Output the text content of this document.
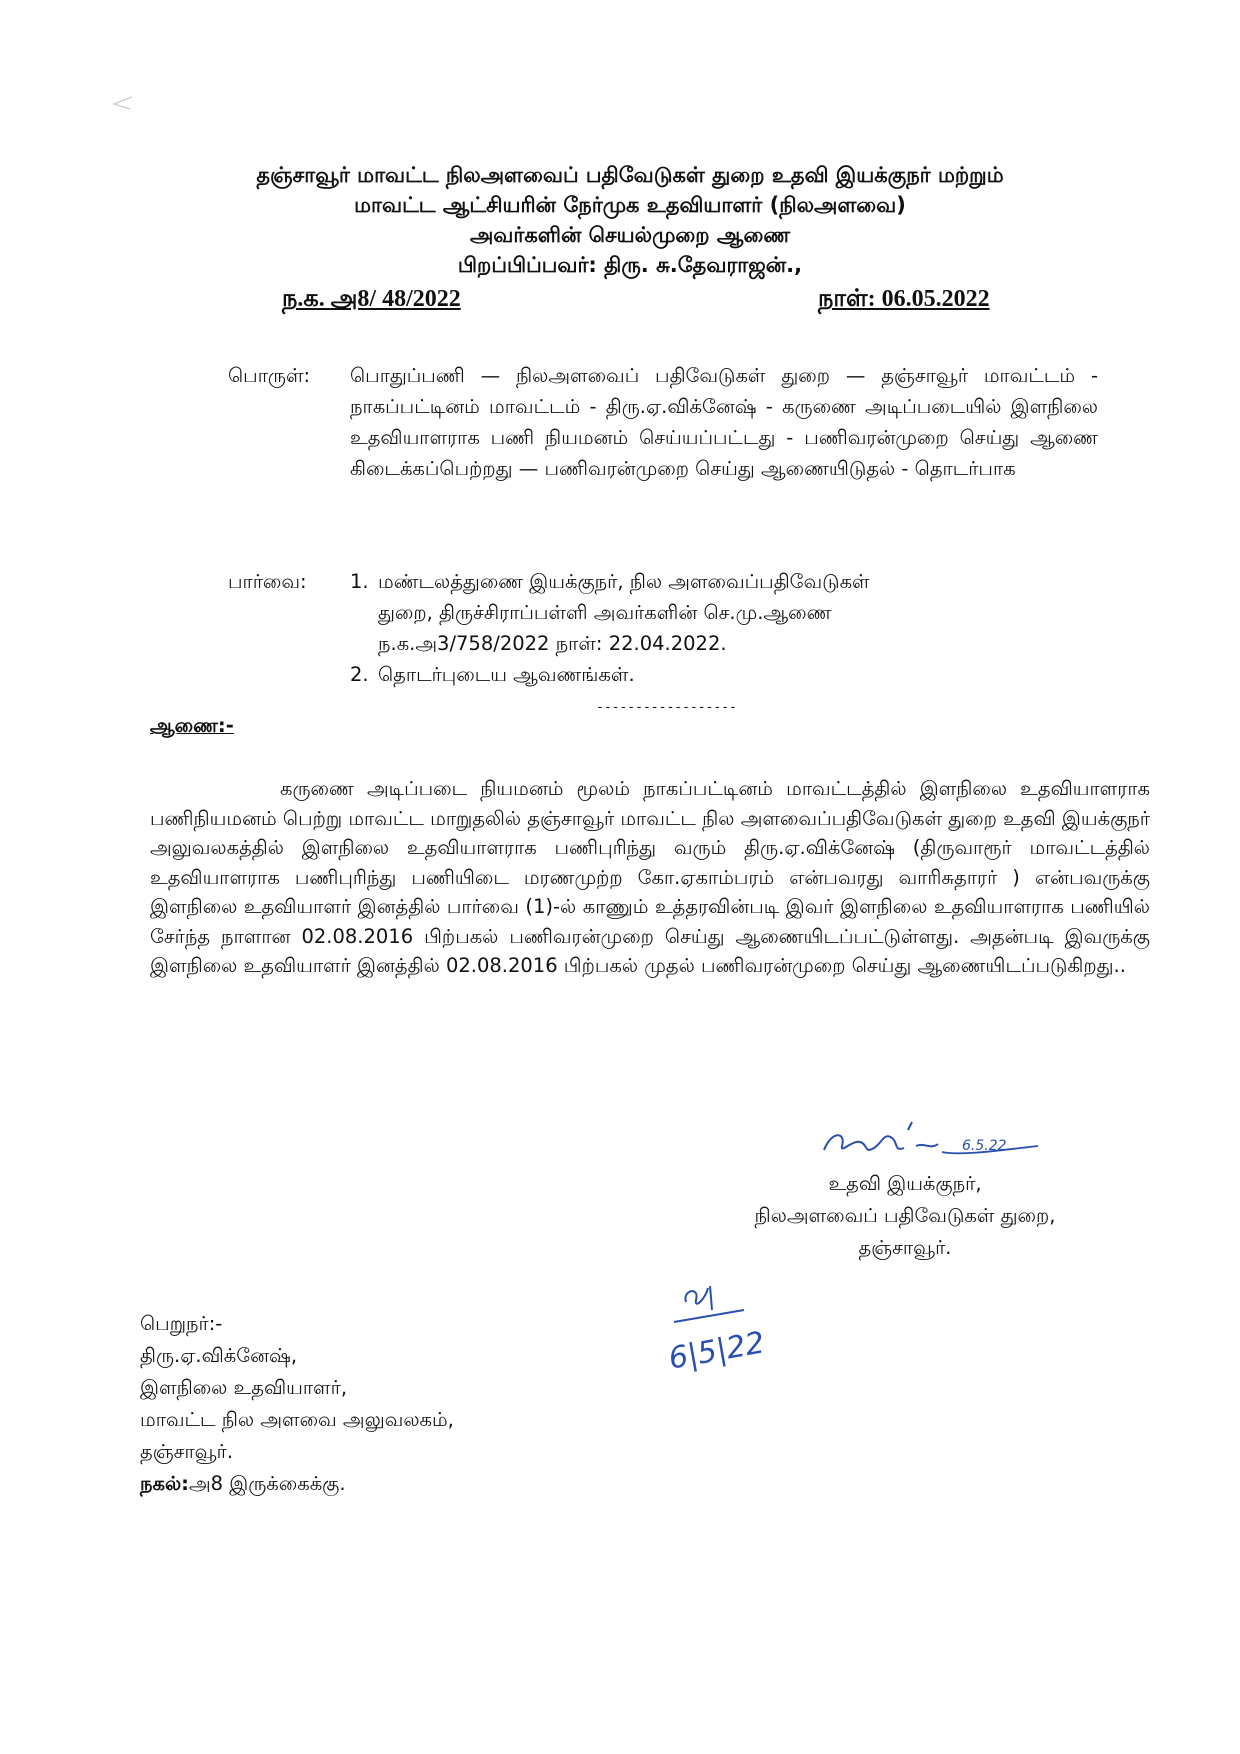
தஞ்சாவூர் மாவட்ட நிலஅளவைப் பதிவேடுகள் துறை உதவி இயக்குநர் மற்றும்
மாவட்ட ஆட்சியரின் நேர்முக உதவியாளர் (நிலஅளவை)
அவர்களின் செயல்முறை ஆணை
பிறப்பிப்பவர்: திரு. சு.தேவராஜன்.,
ந.க. அ8/ 48/2022	நாள்: 06.05.2022
பொருள்: பொதுப்பணி — நிலஅளவைப் பதிவேடுகள் துறை — தஞ்சாவூர் மாவட்டம் - நாகப்பட்டினம் மாவட்டம் - திரு.ஏ.விக்னேஷ் - கருணை அடிப்படையில் இளநிலை உதவியாளராக பணி நியமனம் செய்யப்பட்டது - பணிவரன்முறை செய்து ஆணை கிடைக்கப்பெற்றது — பணிவரன்முறை செய்து ஆணையிடுதல் - தொடர்பாக
பார்வை: 1. மண்டலத்துணை இயக்குநர், நில அளவைப்பதிவேடுகள்
துறை, திருச்சிராப்பள்ளி அவர்களின் செ.மு.ஆணை
ந.க.அ3/758/2022 நாள்: 22.04.2022.
2. தொடர்புடைய ஆவணங்கள்.
------------------
ஆணை:-
கருணை அடிப்படை நியமனம் மூலம் நாகப்பட்டினம் மாவட்டத்தில் இளநிலை உதவியாளராக பணிநியமனம் பெற்று மாவட்ட மாறுதலில் தஞ்சாவூர் மாவட்ட நில அளவைப்பதிவேடுகள் துறை உதவி இயக்குநர் அலுவலகத்தில் இளநிலை உதவியாளராக பணிபுரிந்து வரும் திரு.ஏ.விக்னேஷ் (திருவாரூர் மாவட்டத்தில் உதவியாளராக பணிபுரிந்து பணியிடை மரணமுற்ற கோ.ஏகாம்பரம் என்பவரது வாரிசுதாரர் ) என்பவருக்கு இளநிலை உதவியாளர் இனத்தில் பார்வை (1)-ல் காணும் உத்தரவின்படி இவர் இளநிலை உதவியாளராக பணியில் சேர்ந்த நாளான 02.08.2016 பிற்பகல் பணிவரன்முறை செய்து ஆணையிடப்பட்டுள்ளது. அதன்படி இவருக்கு இளநிலை உதவியாளர் இனத்தில் 02.08.2016 பிற்பகல் முதல் பணிவரன்முறை செய்து ஆணையிடப்படுகிறது..
6.5.22
உதவி இயக்குநர்,
நிலஅளவைப் பதிவேடுகள் துறை,
தஞ்சாவூர்.
6|5|22
பெறுநர்:-
திரு.ஏ.விக்னேஷ்,
இளநிலை உதவியாளர்,
மாவட்ட நில அளவை அலுவலகம்,
தஞ்சாவூர்.
நகல்:அ8 இருக்கைக்கு.
